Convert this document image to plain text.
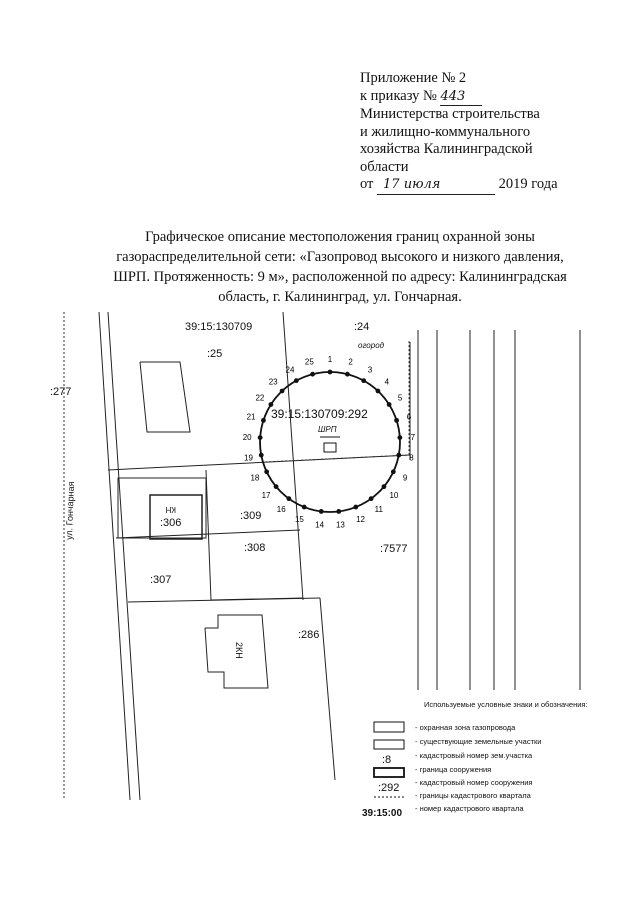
Приложение № 2
к приказу № 443
Министерства строительства
и жилищно-коммунального
хозяйства Калининградской
области
от 17 июля	2019 года
Графическое описание местоположения границ охранной зоны
газораспределительной сети: «Газопровод высокого и низкого давления,
ШРП. Протяженность: 9 м», расположенной по адресу: Калининградская
область, г. Калининград, ул. Гончарная.
1 2
3
4
5
6
7
8
9
10
11
12
13
14
15
16
17
18
19
20
21
22
23
24
25
39:15:130709	:24
огород
:25
:277
39:15:130709:292
ШРП
ул. Гончарная	:306
:309
:308
:307
:7577
:286
КН
2КН
:8
:292
39:15:00
Используемые условные знаки и обозначения:
- охранная зона газопровода
- существующие земельные участки
- кадастровый номер зем.участка
- граница сооружения
- кадастровый номер сооружения
- границы кадастрового квартала
- номер кадастрового квартала
